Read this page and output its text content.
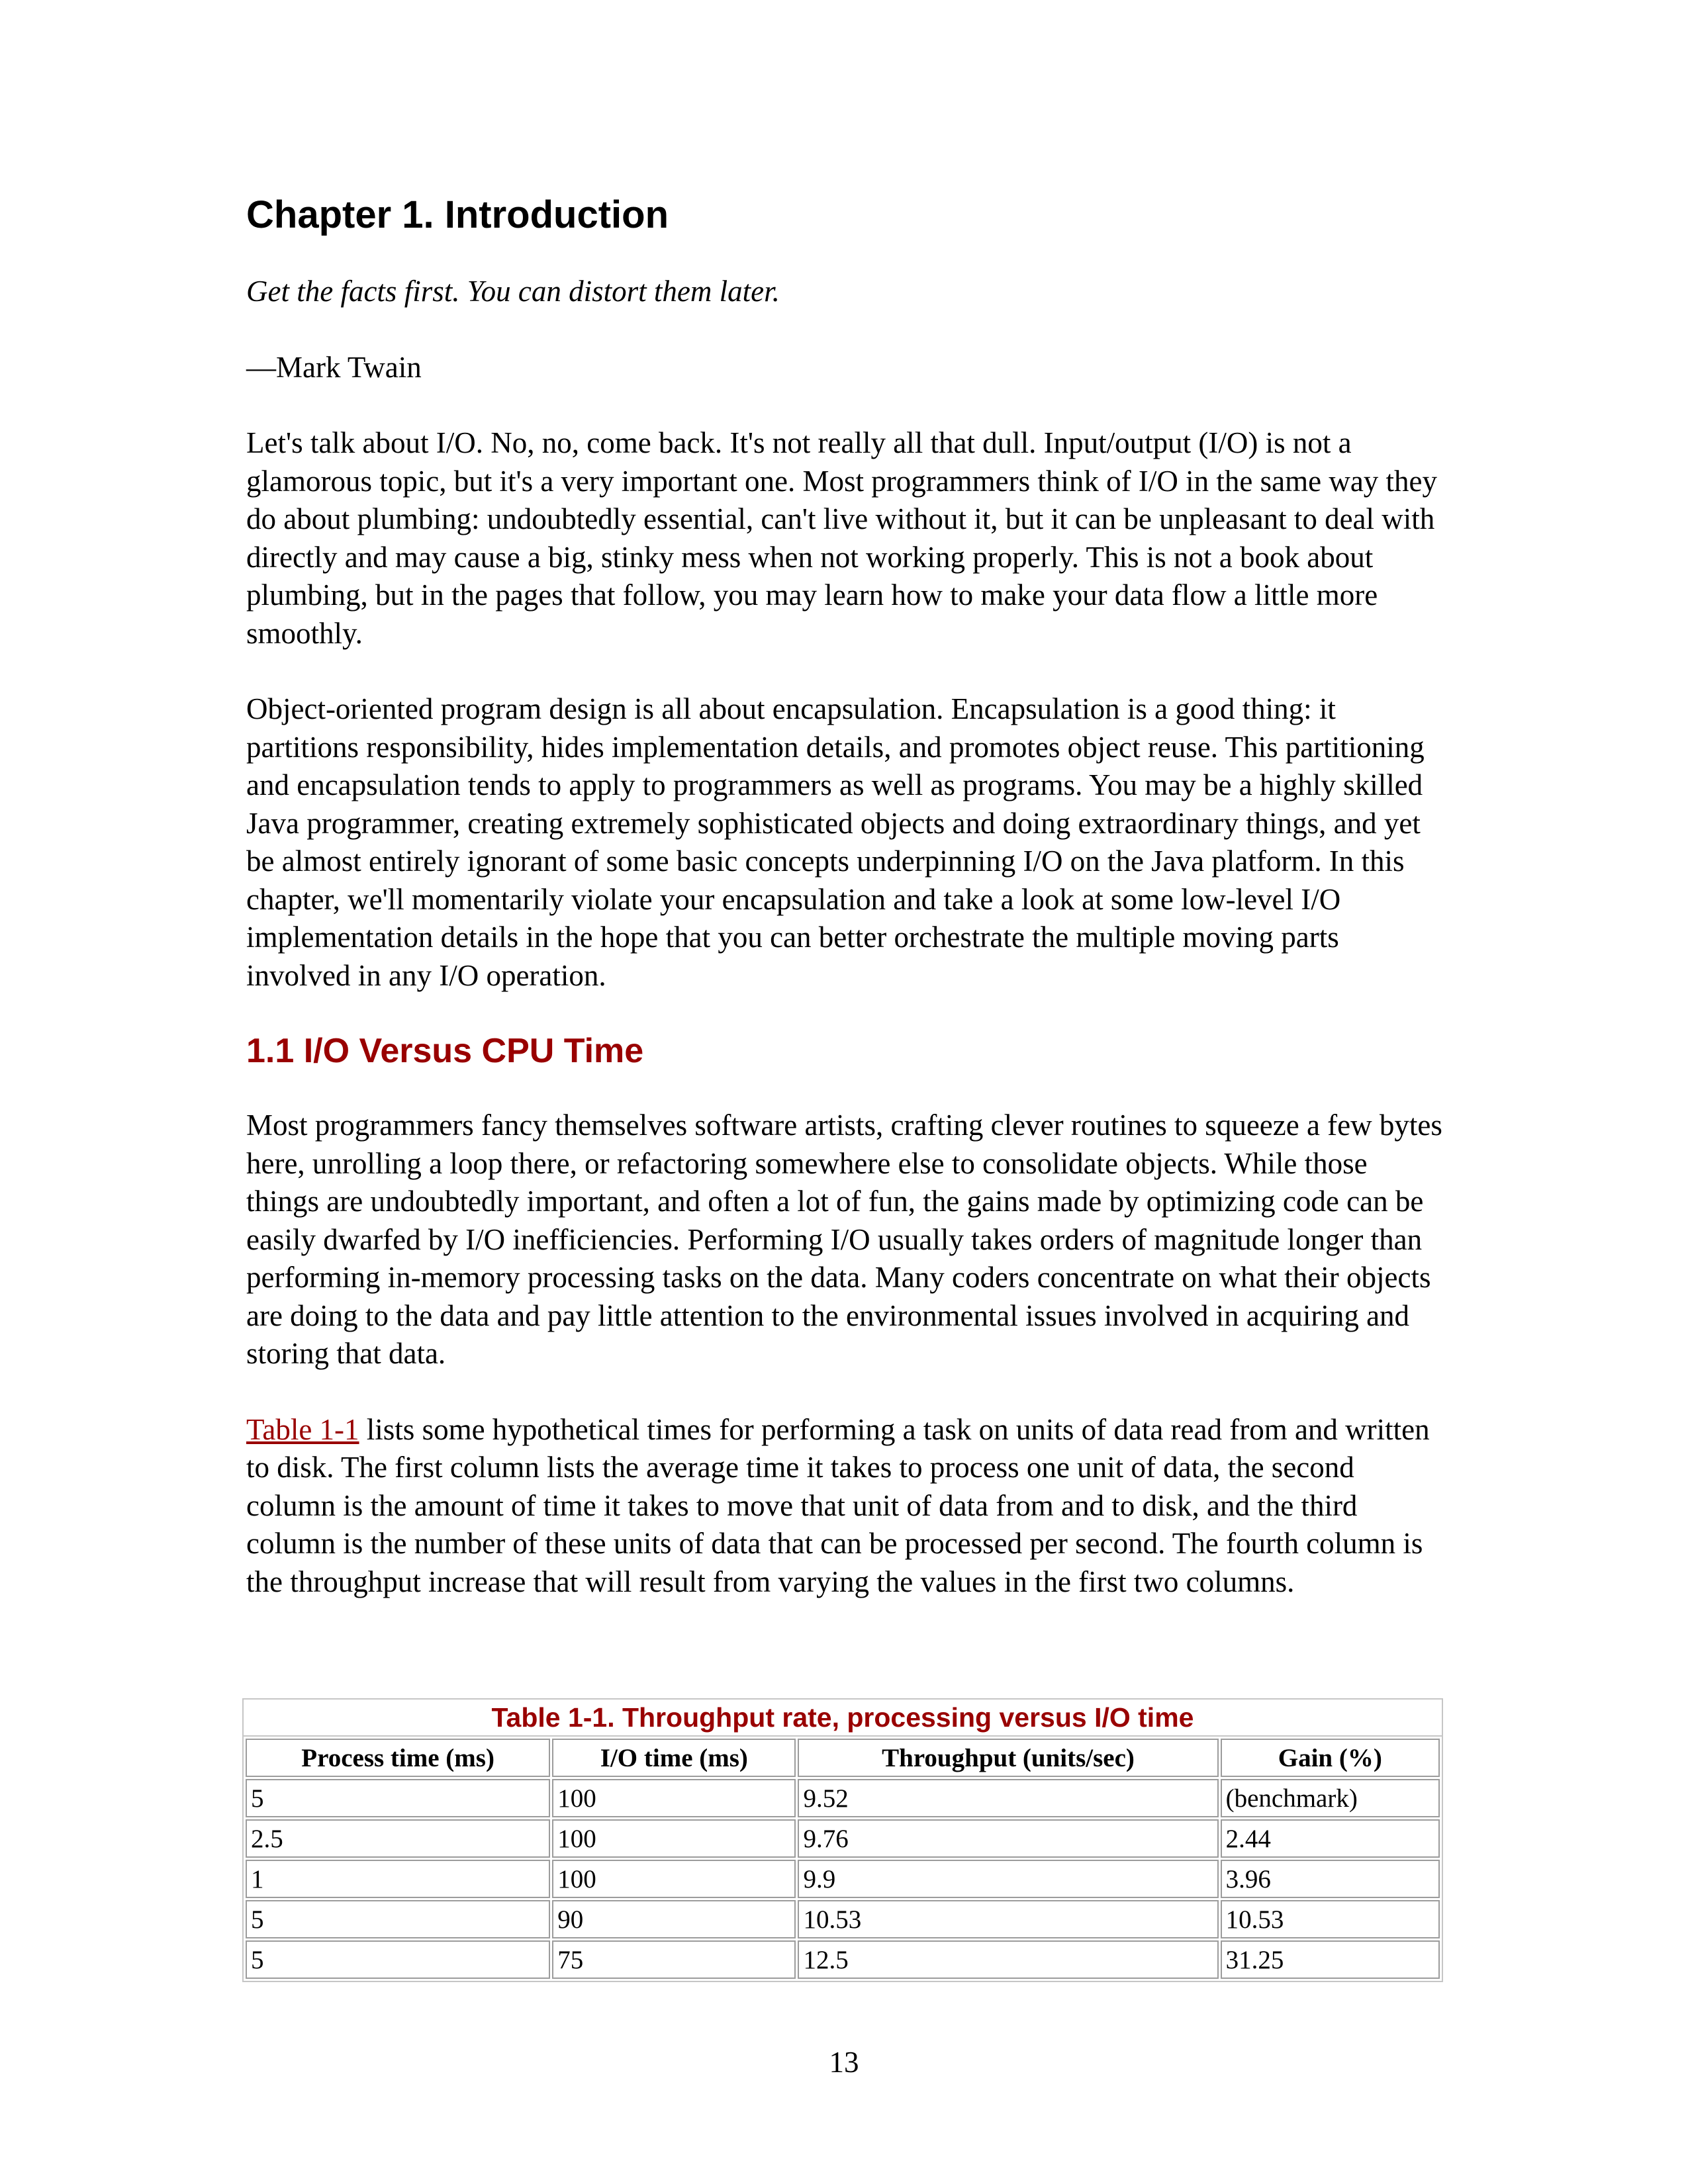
Chapter 1. Introduction
Get the facts first. You can distort them later.
—Mark Twain

Let's talk about I/O. No, no, come back. It's not really all that dull. Input/output (I/O) is not a glamorous topic, but it's a very important one. Most programmers think of I/O in the same way they do about plumbing: undoubtedly essential, can't live without it, but it can be unpleasant to deal with directly and may cause a big, stinky mess when not working properly. This is not a book about plumbing, but in the pages that follow, you may learn how to make your data flow a little more smoothly.

Object-oriented program design is all about encapsulation. Encapsulation is a good thing: it partitions responsibility, hides implementation details, and promotes object reuse. This partitioning and encapsulation tends to apply to programmers as well as programs. You may be a highly skilled Java programmer, creating extremely sophisticated objects and doing extraordinary things, and yet be almost entirely ignorant of some basic concepts underpinning I/O on the Java platform. In this chapter, we'll momentarily violate your encapsulation and take a look at some low-level I/O implementation details in the hope that you can better orchestrate the multiple moving parts involved in any I/O operation.

1.1 I/O Versus CPU Time

Most programmers fancy themselves software artists, crafting clever routines to squeeze a few bytes here, unrolling a loop there, or refactoring somewhere else to consolidate objects. While those things are undoubtedly important, and often a lot of fun, the gains made by optimizing code can be easily dwarfed by I/O inefficiencies. Performing I/O usually takes orders of magnitude longer than performing in-memory processing tasks on the data. Many coders concentrate on what their objects are doing to the data and pay little attention to the environmental issues involved in acquiring and storing that data.

Table 1-1 lists some hypothetical times for performing a task on units of data read from and written to disk. The first column lists the average time it takes to process one unit of data, the second column is the amount of time it takes to move that unit of data from and to disk, and the third column is the number of these units of data that can be processed per second. The fourth column is the throughput increase that will result from varying the values in the first two columns.

Table 1-1. Throughput rate, processing versus I/O time
Process time (ms)	I/O time (ms)	Throughput (units/sec)	Gain (%)
5	100	9.52	(benchmark)
2.5	100	9.76	2.44
1	100	9.9	3.96
5	90	10.53	10.53
5	75	12.5	31.25
13
